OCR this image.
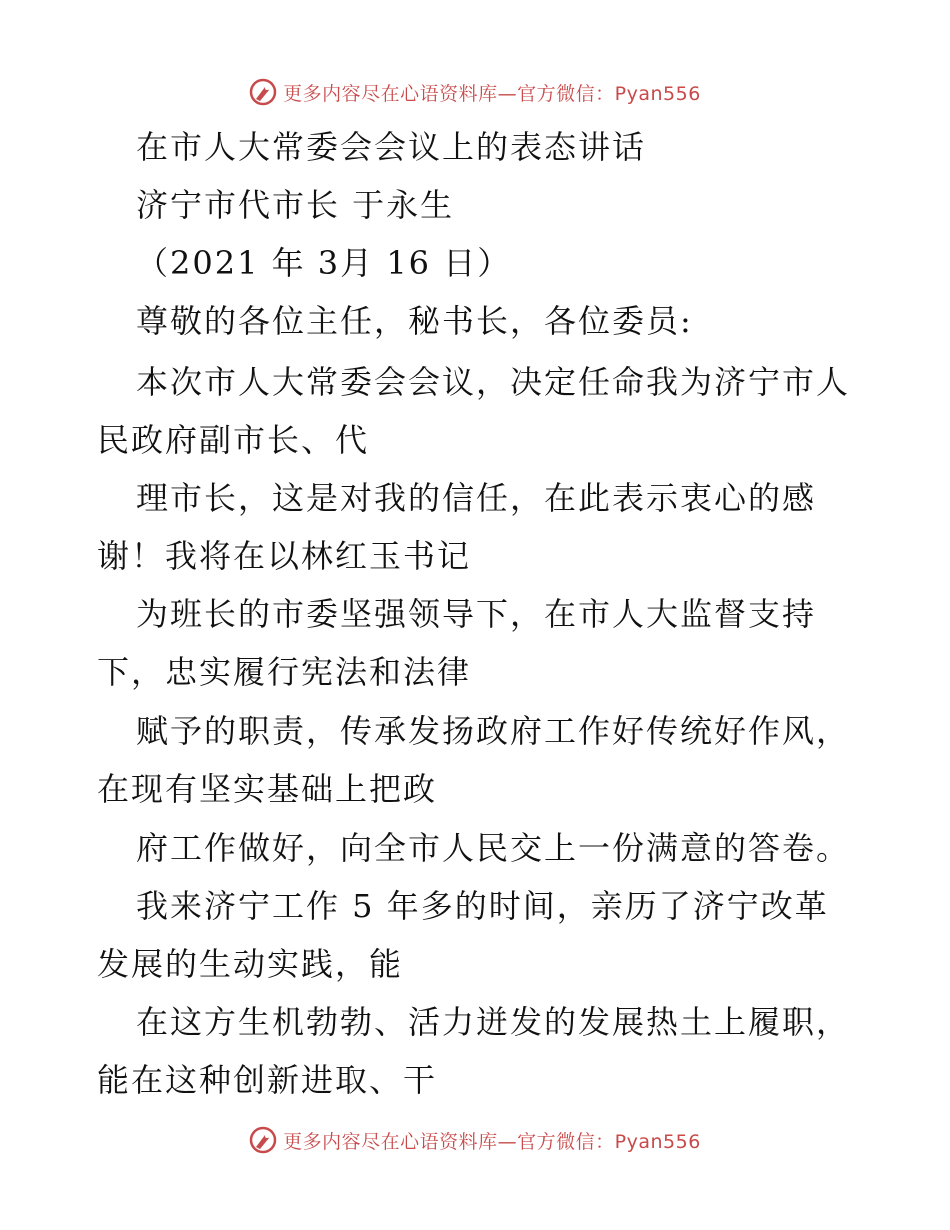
更多内容尽在心语资料库—官方微信：Pyan556
在市人大常委会会议上的表态讲话
济宁市代市长 于永生
（2021 年 3月 16 日）
尊敬的各位主任，秘书长，各位委员:
本次市人大常委会会议，决定任命我为济宁市人
民政府副市长、代
理市长，这是对我的信任，在此表示衷心的感
谢！我将在以林红玉书记
为班长的市委坚强领导下，在市人大监督支持
下，忠实履行宪法和法律
赋予的职责，传承发扬政府工作好传统好作风，
在现有坚实基础上把政
府工作做好，向全市人民交上一份满意的答卷。
我来济宁工作 5 年多的时间，亲历了济宁改革
发展的生动实践，能
在这方生机勃勃、活力迸发的发展热土上履职，
能在这种创新进取、干
更多内容尽在心语资料库—官方微信：Pyan556
